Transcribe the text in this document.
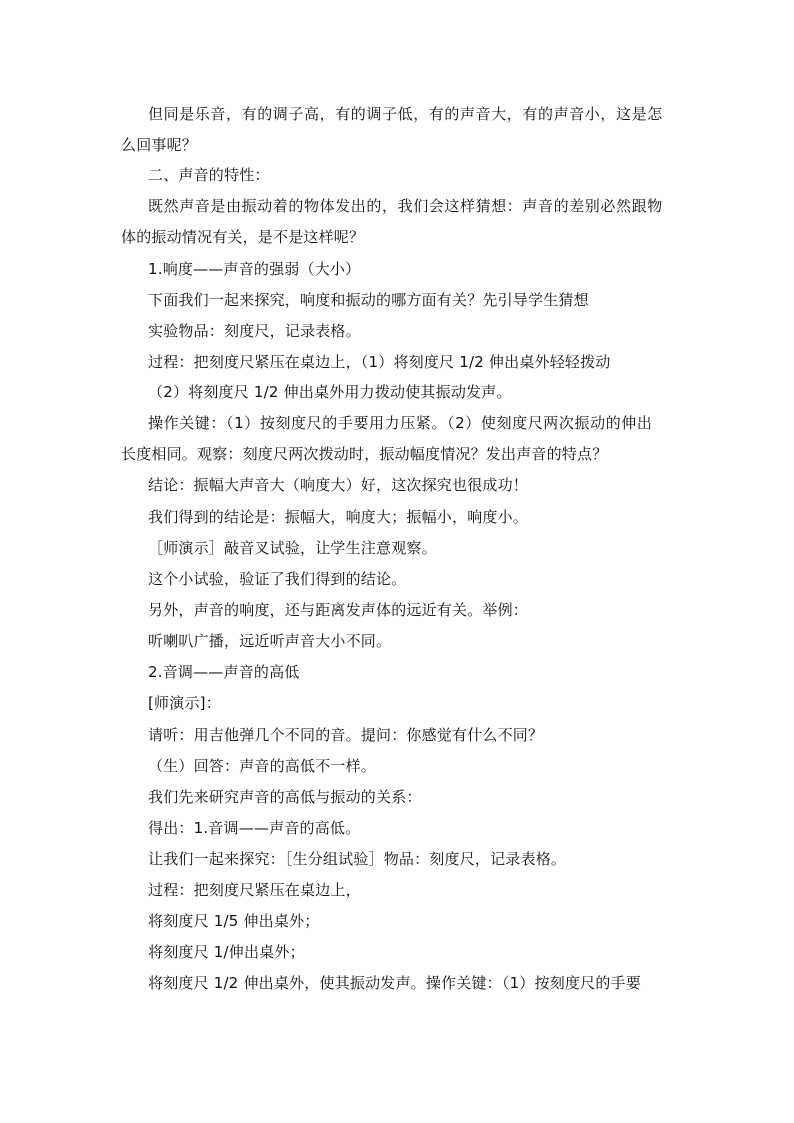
但同是乐音，有的调子高，有的调子低，有的声音大，有的声音小，这是怎
么回事呢？
二、声音的特性：
既然声音是由振动着的物体发出的，我们会这样猜想：声音的差别必然跟物
体的振动情况有关，是不是这样呢？
1.响度——声音的强弱（大小）
下面我们一起来探究，响度和振动的哪方面有关？先引导学生猜想
实验物品：刻度尺，记录表格。
过程：把刻度尺紧压在桌边上，（1）将刻度尺 1/2 伸出桌外轻轻拨动
（2）将刻度尺 1/2 伸出桌外用力拨动使其振动发声。
操作关键：（1）按刻度尺的手要用力压紧。（2）使刻度尺两次振动的伸出
长度相同。观察：刻度尺两次拨动时，振动幅度情况？发出声音的特点？
结论：振幅大声音大（响度大）好，这次探究也很成功！
我们得到的结论是：振幅大，响度大；振幅小，响度小。
［师演示］敲音叉试验，让学生注意观察。
这个小试验，验证了我们得到的结论。
另外，声音的响度，还与距离发声体的远近有关。举例：
听喇叭广播，远近听声音大小不同。
2.音调——声音的高低
[师演示]：
请听：用吉他弹几个不同的音。提问：你感觉有什么不同？
（生）回答：声音的高低不一样。
我们先来研究声音的高低与振动的关系：
得出：1.音调——声音的高低。
让我们一起来探究：［生分组试验］物品：刻度尺，记录表格。
过程：把刻度尺紧压在桌边上，
将刻度尺 1/5 伸出桌外；
将刻度尺 1/伸出桌外；
将刻度尺 1/2 伸出桌外，使其振动发声。操作关键：（1）按刻度尺的手要
